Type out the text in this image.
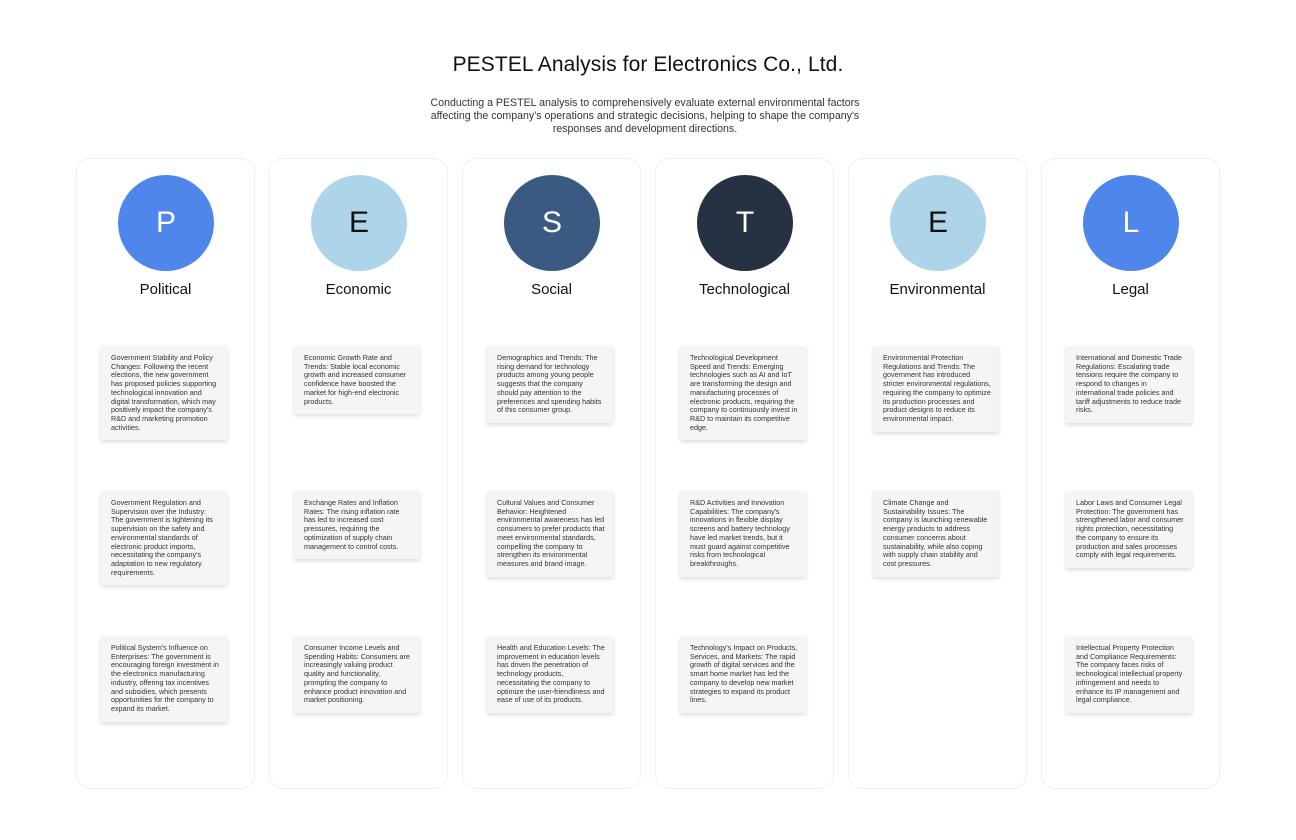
PESTEL Analysis for Electronics Co., Ltd.

Conducting a PESTEL analysis to comprehensively evaluate external environmental factors affecting the company's operations and strategic decisions, helping to shape the company's responses and development directions.

P
Political
Government Stability and Policy Changes: Following the recent elections, the new government has proposed policies supporting technological innovation and digital transformation, which may positively impact the company's R&D and marketing promotion activities.
Government Regulation and Supervision over the Industry: The government is tightening its supervision on the safety and environmental standards of electronic product imports, necessitating the company's adaptation to new regulatory requirements.
Political System's Influence on Enterprises: The government is encouraging foreign investment in the electronics manufacturing industry, offering tax incentives and subsidies, which presents opportunities for the company to expand its market.
E
Economic
Economic Growth Rate and Trends: Stable local economic growth and increased consumer confidence have boosted the market for high-end electronic products.
Exchange Rates and Inflation Rates: The rising inflation rate has led to increased cost pressures, requiring the optimization of supply chain management to control costs.
Consumer Income Levels and Spending Habits: Consumers are increasingly valuing product quality and functionality, prompting the company to enhance product innovation and market positioning.
S
Social
Demographics and Trends: The rising demand for technology products among young people suggests that the company should pay attention to the preferences and spending habits of this consumer group.
Cultural Values and Consumer Behavior: Heightened environmental awareness has led consumers to prefer products that meet environmental standards, compelling the company to strengthen its environmental measures and brand image.
Health and Education Levels: The improvement in education levels has driven the penetration of technology products, necessitating the company to optimize the user-friendliness and ease of use of its products.
T
Technological
Technological Development Speed and Trends: Emerging technologies such as AI and IoT are transforming the design and manufacturing processes of electronic products, requiring the company to continuously invest in R&D to maintain its competitive edge.
R&D Activities and Innovation Capabilities: The company's innovations in flexible display screens and battery technology have led market trends, but it must guard against competitive risks from technological breakthroughs.
Technology's Impact on Products, Services, and Markets: The rapid growth of digital services and the smart home market has led the company to develop new market strategies to expand its product lines.
E
Environmental
Environmental Protection Regulations and Trends: The government has introduced stricter environmental regulations, requiring the company to optimize its production processes and product designs to reduce its environmental impact.
Climate Change and Sustainability Issues: The company is launching renewable energy products to address consumer concerns about sustainability, while also coping with supply chain stability and cost pressures.
L
Legal
International and Domestic Trade Regulations: Escalating trade tensions require the company to respond to changes in international trade policies and tariff adjustments to reduce trade risks.
Labor Laws and Consumer Legal Protection: The government has strengthened labor and consumer rights protection, necessitating the company to ensure its production and sales processes comply with legal requirements.
Intellectual Property Protection and Compliance Requirements: The company faces risks of technological intellectual property infringement and needs to enhance its IP management and legal compliance.
